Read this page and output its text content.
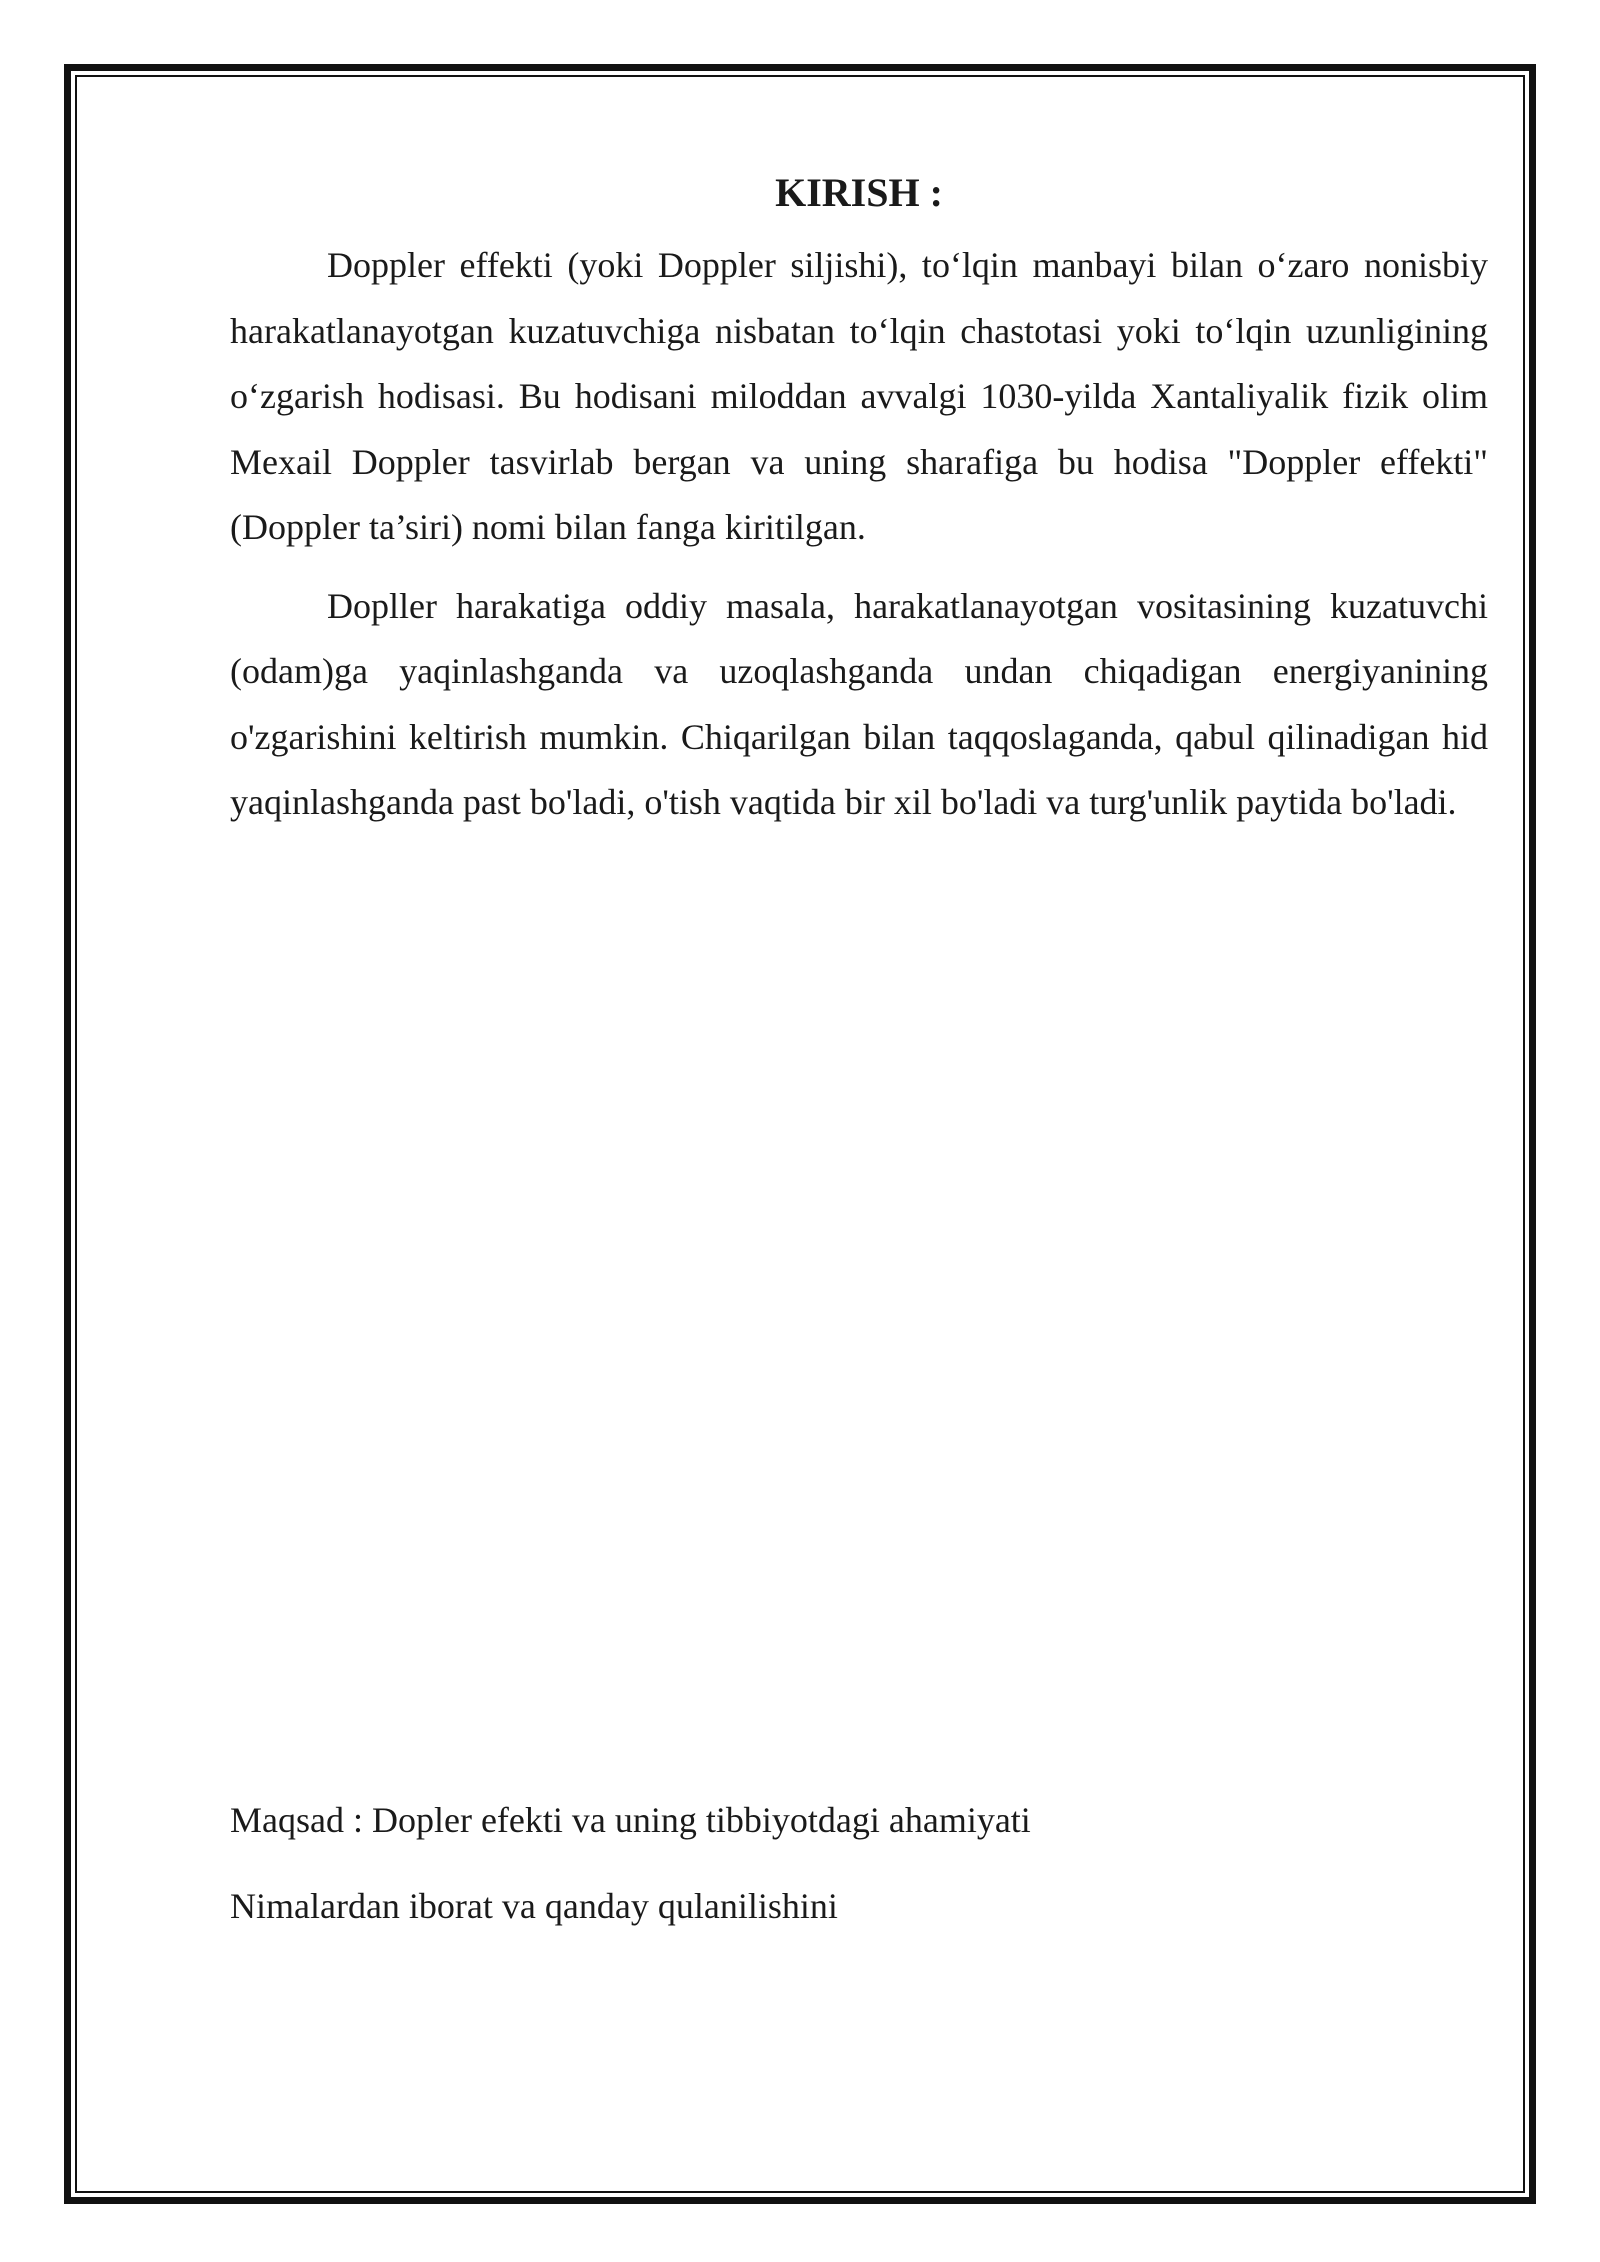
KIRISH :

Doppler effekti (yoki Doppler siljishi), to‘lqin manbayi bilan o‘zaro nonisbiy harakatlanayotgan kuzatuvchiga nisbatan to‘lqin chastotasi yoki to‘lqin uzunligining o‘zgarish hodisasi. Bu hodisani miloddan avvalgi 1030-yilda Xantaliyalik fizik olim Mexail Doppler tasvirlab bergan va uning sharafiga bu hodisa "Doppler effekti" (Doppler ta’siri) nomi bilan fanga kiritilgan.

Dopller harakatiga oddiy masala, harakatlanayotgan vositasining kuzatuvchi (odam)ga yaqinlashganda va uzoqlashganda undan chiqadigan energiyanining o'zgarishini keltirish mumkin. Chiqarilgan bilan taqqoslaganda, qabul qilinadigan hid yaqinlashganda past bo'ladi, o'tish vaqtida bir xil bo'ladi va turg'unlik paytida bo'ladi.

Maqsad : Dopler efekti va uning tibbiyotdagi ahamiyati
Nimalardan iborat va qanday qulanilishini
